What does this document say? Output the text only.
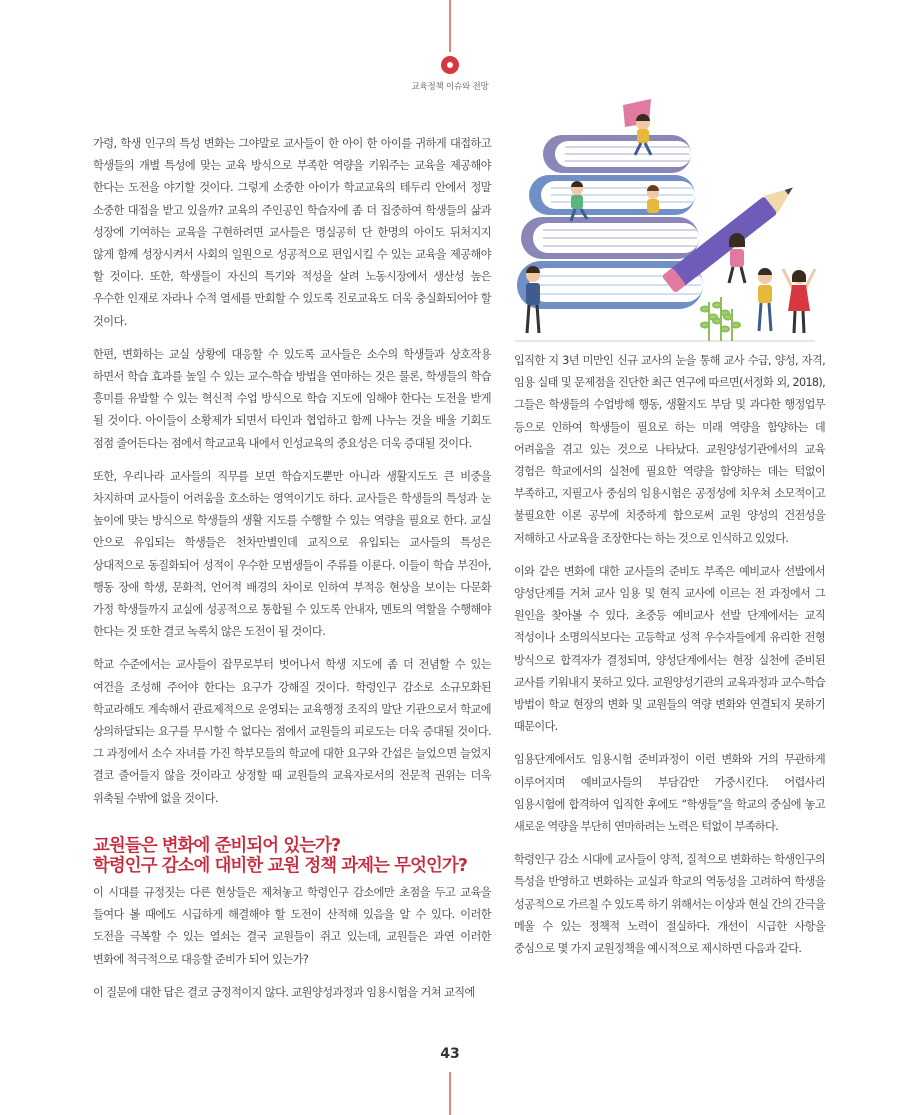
교육정책 이슈와 전망

가령, 학생 인구의 특성 변화는 그야말로 교사들이 한 아이 한 아이를 귀하게 대접하고 학생들의 개별 특성에 맞는 교육 방식으로 부족한 역량을 키워주는 교육을 제공해야 한다는 도전을 야기할 것이다. 그렇게 소중한 아이가 학교교육의 테두리 안에서 정말 소중한 대접을 받고 있을까? 교육의 주인공인 학습자에 좀 더 집중하여 학생들의 삶과 성장에 기여하는 교육을 구현하려면 교사들은 명실공히 단 한명의 아이도 뒤처지지 않게 함께 성장시켜서 사회의 일원으로 성공적으로 편입시킬 수 있는 교육을 제공해야 할 것이다. 또한, 학생들이 자신의 특기와 적성을 살려 노동시장에서 생산성 높은 우수한 인재로 자라나 수적 열세를 만회할 수 있도록 진로교육도 더욱 충실화되어야 할 것이다.

한편, 변화하는 교실 상황에 대응할 수 있도록 교사들은 소수의 학생들과 상호작용 하면서 학습 효과를 높일 수 있는 교수-학습 방법을 연마하는 것은 물론, 학생들의 학습 흥미를 유발할 수 있는 혁신적 수업 방식으로 학습 지도에 임해야 한다는 도전을 받게 될 것이다. 아이들이 소황제가 되면서 타인과 협업하고 함께 나누는 것을 배울 기회도 점점 줄어든다는 점에서 학교교육 내에서 인성교육의 중요성은 더욱 증대될 것이다.

또한, 우리나라 교사들의 직무를 보면 학습지도뿐만 아니라 생활지도도 큰 비중을 차지하며 교사들이 어려움을 호소하는 영역이기도 하다. 교사들은 학생들의 특성과 눈 높이에 맞는 방식으로 학생들의 생활 지도를 수행할 수 있는 역량을 필요로 한다. 교실 안으로 유입되는 학생들은 천차만별인데 교직으로 유입되는 교사들의 특성은 상대적으로 동질화되어 성적이 우수한 모범생들이 주류를 이룬다. 이들이 학습 부진아, 행동 장애 학생, 문화적, 언어적 배경의 차이로 인하여 부적응 현상을 보이는 다문화 가정 학생들까지 교실에 성공적으로 통합될 수 있도록 안내자, 멘토의 역할을 수행해야 한다는 것 또한 결코 녹록치 않은 도전이 될 것이다.

학교 수준에서는 교사들이 잡무로부터 벗어나서 학생 지도에 좀 더 전념할 수 있는 여건을 조성해 주어야 한다는 요구가 강해질 것이다. 학령인구 감소로 소규모화된 학교라해도 계속해서 관료제적으로 운영되는 교육행정 조직의 말단 기관으로서 학교에 상의하달되는 요구를 무시할 수 없다는 점에서 교원들의 피로도는 더욱 증대될 것이다. 그 과정에서 소수 자녀를 가진 학부모들의 학교에 대한 요구와 간섭은 늘었으면 늘었지 결코 줄어들지 않을 것이라고 상정할 때 교원들의 교육자로서의 전문적 권위는 더욱 위축될 수밖에 없을 것이다.

교원들은 변화에 준비되어 있는가?
학령인구 감소에 대비한 교원 정책 과제는 무엇인가?

이 시대를 규정짓는 다른 현상들은 제쳐놓고 학령인구 감소에만 초점을 두고 교육을 들여다 볼 때에도 시급하게 해결해야 할 도전이 산적해 있음을 알 수 있다. 이러한 도전을 극복할 수 있는 열쇠는 결국 교원들이 쥐고 있는데, 교원들은 과연 이러한 변화에 적극적으로 대응할 준비가 되어 있는가?

이 질문에 대한 답은 결코 긍정적이지 않다. 교원양성과정과 임용시험을 거쳐 교직에

입직한 지 3년 미만인 신규 교사의 눈을 통해 교사 수급, 양성, 자격, 임용 실태 및 문제점을 진단한 최근 연구에 따르면(서정화 외, 2018), 그들은 학생들의 수업방해 행동, 생활지도 부담 및 과다한 행정업무 등으로 인하여 학생들이 필요로 하는 미래 역량을 함양하는 데 어려움을 겪고 있는 것으로 나타났다. 교원양성기관에서의 교육 경험은 학교에서의 실천에 필요한 역량을 함양하는 데는 턱없이 부족하고, 지필고사 중심의 임용시험은 공정성에 치우쳐 소모적이고 불필요한 이론 공부에 치중하게 함으로써 교원 양성의 건전성을 저해하고 사교육을 조장한다는 하는 것으로 인식하고 있었다.

이와 같은 변화에 대한 교사들의 준비도 부족은 예비교사 선발에서 양성단계를 거쳐 교사 임용 및 현직 교사에 이르는 전 과정에서 그 원인을 찾아볼 수 있다. 초중등 예비교사 선발 단계에서는 교직 적성이나 소명의식보다는 고등학교 성적 우수자들에게 유리한 전형 방식으로 합격자가 결정되며, 양성단계에서는 현장 실천에 준비된 교사를 키워내지 못하고 있다. 교원양성기관의 교육과정과 교수-학습 방법이 학교 현장의 변화 및 교원들의 역량 변화와 연결되지 못하기 때문이다.

임용단계에서도 임용시험 준비과정이 이런 변화와 거의 무관하게 이루어지며 예비교사들의 부담감만 가중시킨다. 어렵사리 임용시험에 합격하여 입직한 후에도 “학생들”을 학교의 중심에 놓고 새로운 역량을 부단히 연마하려는 노력은 턱없이 부족하다.

학령인구 감소 시대에 교사들이 양적, 질적으로 변화하는 학생인구의 특성을 반영하고 변화하는 교실과 학교의 역동성을 고려하여 학생을 성공적으로 가르칠 수 있도록 하기 위해서는 이상과 현실 간의 간극을 메울 수 있는 정책적 노력이 절실하다. 개선이 시급한 사항을 중심으로 몇 가지 교원정책을 예시적으로 제시하면 다음과 같다.

43
